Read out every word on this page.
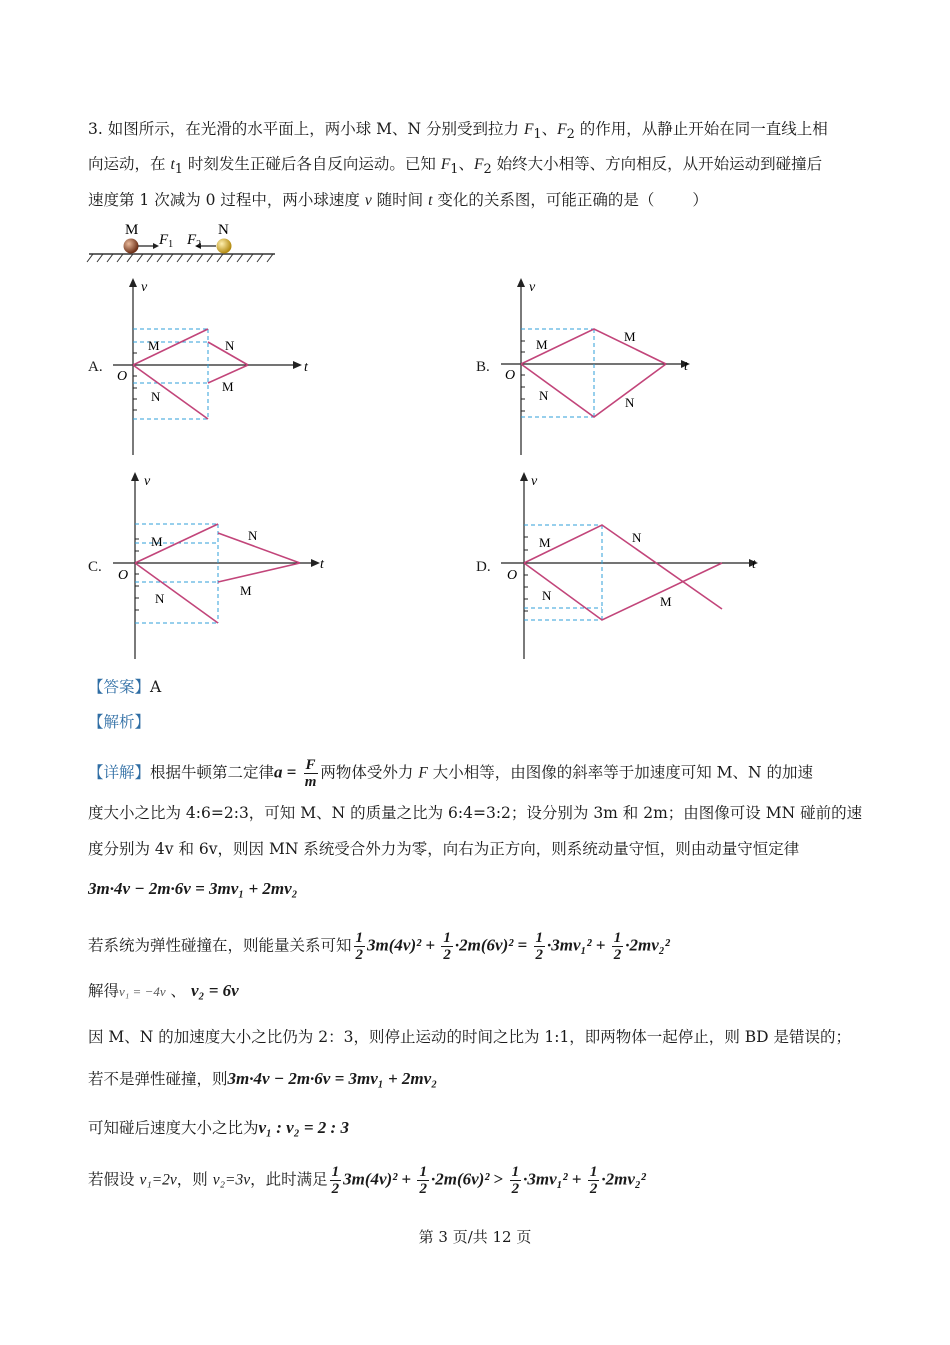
3. 如图所示，在光滑的水平面上，两小球 M、N 分别受到拉力 $F_1$、$F_2$ 的作用，从静止开始在同一直线上相
向运动，在 $t_1$ 时刻发生正碰后各自反向运动。已知 $F_1$、$F_2$ 始终大小相等、方向相反，从开始运动到碰撞后
速度第 1 次减为 0 过程中，两小球速度 v 随时间 t 变化的关系图，可能正确的是（ ）
M	N
$F_1$ $F_2$
A.	B.
C.	D.
v
t
O
M	N
M
N
v
t
O
M
M
N	N
v
t
O
M	N
M
N
v
t
O
M	N
M
N
【答案】A
【解析】
【详解】根据牛顿第二定律$a = \frac{F}{m}$ 两物体受外力 F 大小相等，由图像的斜率等于加速度可知 M、N 的加速
度大小之比为 4:6=2:3，可知 M、N 的质量之比为 6:4=3:2；设分别为 3m 和 2m；由图像可设 MN 碰前的速
度分别为 4v 和 6v，则因 MN 系统受合外力为零，向右为正方向，则系统动量守恒，则由动量守恒定律
3m·4v − 2m·6v = 3mv₁ + 2mv₂
若系统为弹性碰撞在，则能量关系可知 $\frac{1}{2} 3m(4v)^2 + \frac{1}{2} \cdot 2m(6v)^2 = \frac{1}{2} \cdot 3mv_1^2 + \frac{1}{2} \cdot 2mv_2^2$
解得v₁ = −4v 、 v₂ = 6v
因 M、N 的加速度大小之比仍为 2：3，则停止运动的时间之比为 1:1，即两物体一起停止，则 BD 是错误的；
若不是弹性碰撞，则3m·4v − 2m·6v = 3mv₁ + 2mv₂
可知碰后速度大小之比为v₁ : v₂ = 2 : 3
若假设 v₁=2v，则 v₂=3v，此时满足 $\frac{1}{2} 3m(4v)^2 + \frac{1}{2} \cdot 2m(6v)^2 > \frac{1}{2} \cdot 3mv_1^2 + \frac{1}{2} \cdot 2mv_2^2$
第 3 页/共 12 页
